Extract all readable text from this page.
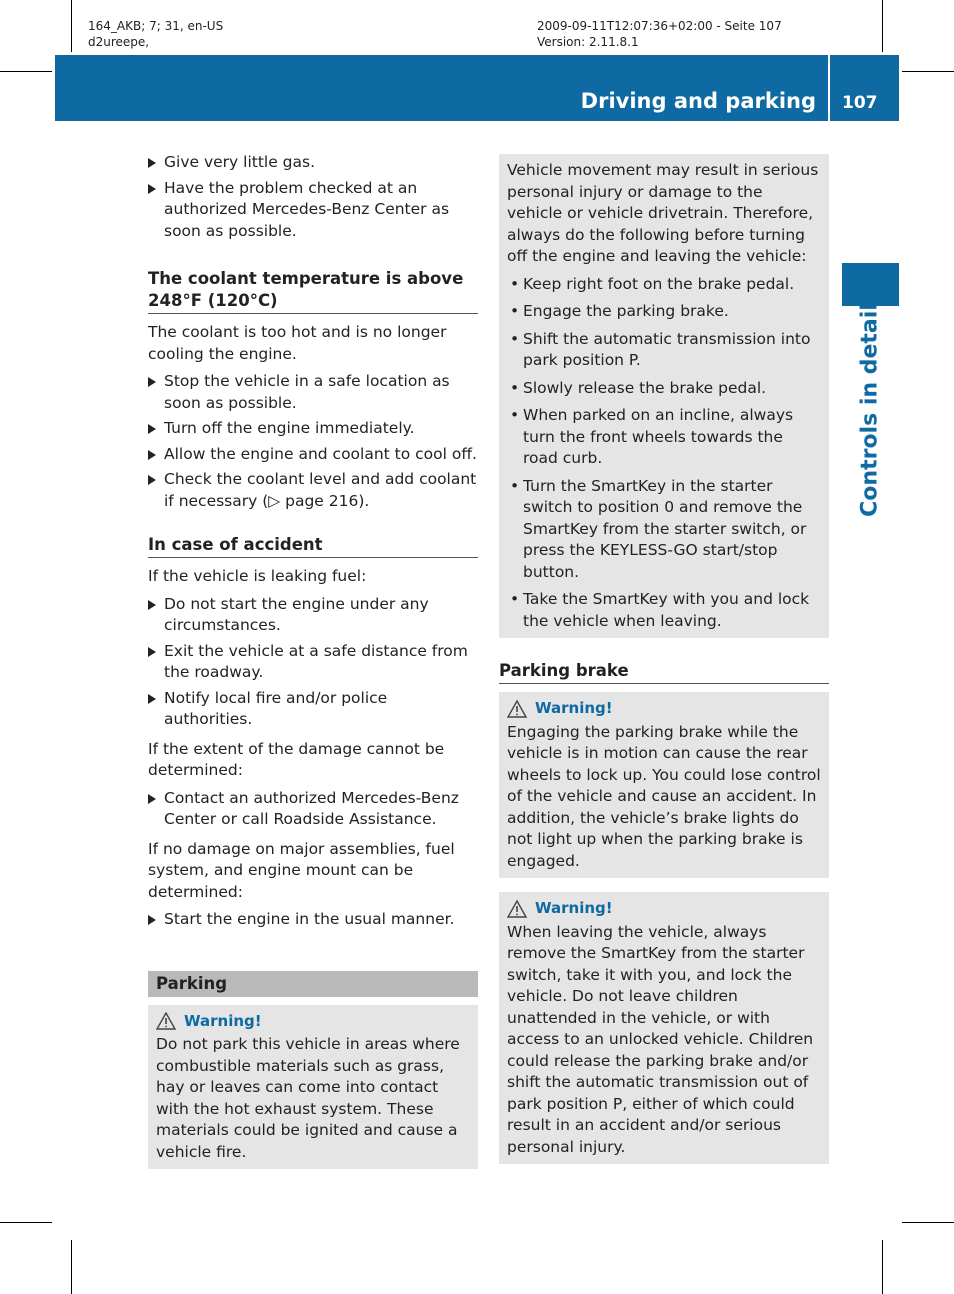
164_AKB; 7; 31, en-US
d2ureepe,
2009-09-11T12:07:36+02:00 - Seite 107
Version: 2.11.8.1
Driving and parking 107
Controls in detail
Give very little gas.
Have the problem checked at an authorized Mercedes-Benz Center as soon as possible.
The coolant temperature is above 248°F (120°C)
The coolant is too hot and is no longer cooling the engine.
Stop the vehicle in a safe location as soon as possible.
Turn off the engine immediately.
Allow the engine and coolant to cool off.
Check the coolant level and add coolant if necessary (▷ page 216).
In case of accident
If the vehicle is leaking fuel:
Do not start the engine under any circumstances.
Exit the vehicle at a safe distance from the roadway.
Notify local fire and/or police authorities.
If the extent of the damage cannot be determined:
Contact an authorized Mercedes-Benz Center or call Roadside Assistance.
If no damage on major assemblies, fuel system, and engine mount can be determined:
Start the engine in the usual manner.
Parking
Warning!

Do not park this vehicle in areas where combustible materials such as grass, hay or leaves can come into contact with the hot exhaust system. These materials could be ignited and cause a vehicle fire.

Vehicle movement may result in serious personal injury or damage to the vehicle or vehicle drivetrain. Therefore, always do the following before turning off the engine and leaving the vehicle:

• Keep right foot on the brake pedal.
• Engage the parking brake.
• Shift the automatic transmission into park position P.
• Slowly release the brake pedal.
• When parked on an incline, always turn the front wheels towards the road curb.
• Turn the SmartKey in the starter switch to position 0 and remove the SmartKey from the starter switch, or press the KEYLESS-GO start/stop button.
• Take the SmartKey with you and lock the vehicle when leaving.
Parking brake
Warning!

Engaging the parking brake while the vehicle is in motion can cause the rear wheels to lock up. You could lose control of the vehicle and cause an accident. In addition, the vehicle’s brake lights do not light up when the parking brake is engaged.

Warning!

When leaving the vehicle, always remove the SmartKey from the starter switch, take it with you, and lock the vehicle. Do not leave children unattended in the vehicle, or with access to an unlocked vehicle. Children could release the parking brake and/or shift the automatic transmission out of park position P, either of which could result in an accident and/or serious personal injury.
